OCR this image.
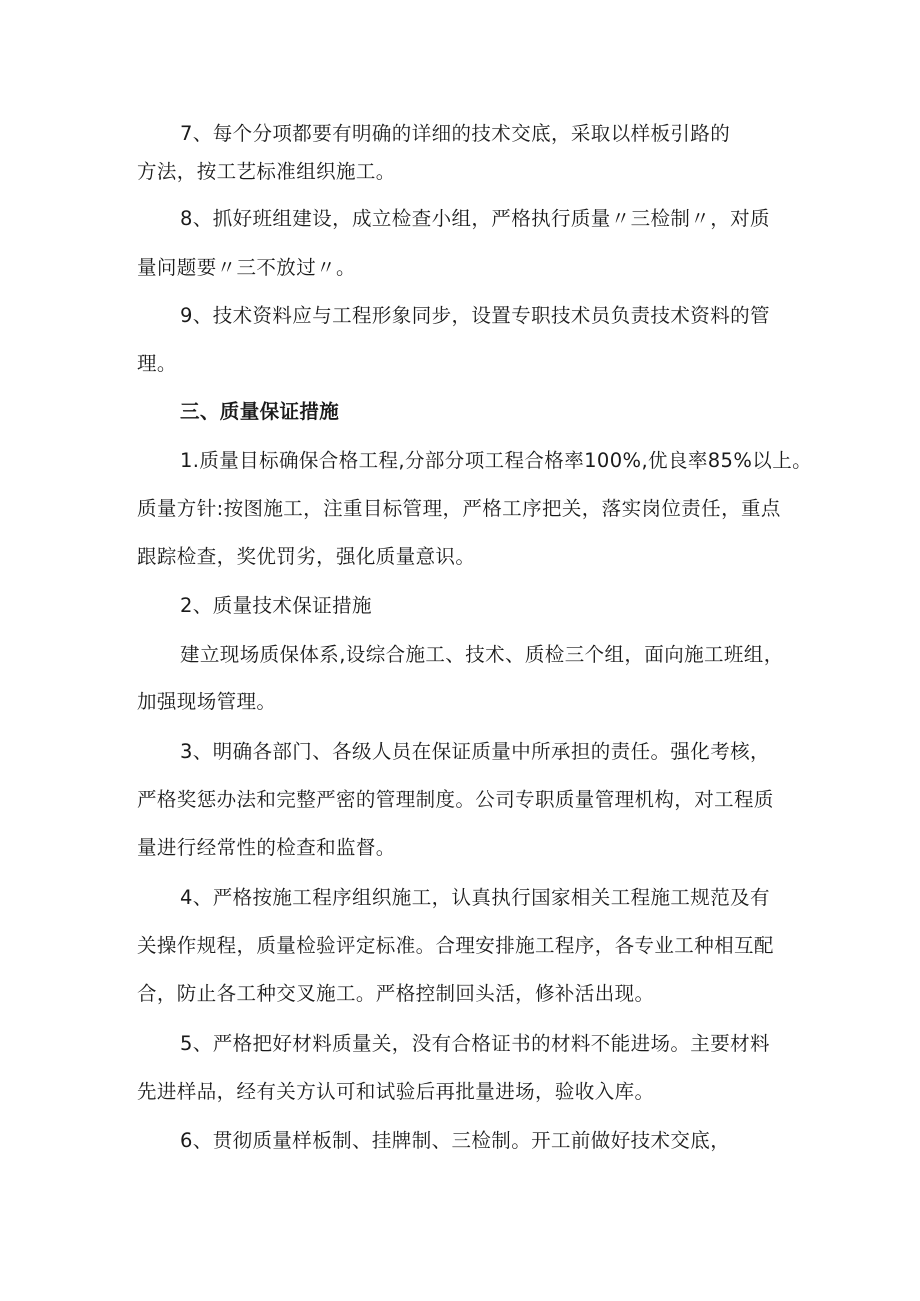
7、每个分项都要有明确的详细的技术交底，采取以样板引路的
方法，按工艺标准组织施工。
8、抓好班组建设，成立检查小组，严格执行质量〃三检制〃，对质
量问题要〃三不放过〃。
9、技术资料应与工程形象同步，设置专职技术员负责技术资料的管
理。
三、质量保证措施
1.质量目标确保合格工程,分部分项工程合格率100%,优良率85%以上。
质量方针:按图施工，注重目标管理，严格工序把关，落实岗位责任，重点
跟踪检查，奖优罚劣，强化质量意识。
2、质量技术保证措施
建立现场质保体系,设综合施工、技术、质检三个组，面向施工班组，
加强现场管理。
3、明确各部门、各级人员在保证质量中所承担的责任。强化考核，
严格奖惩办法和完整严密的管理制度。公司专职质量管理机构，对工程质
量进行经常性的检查和监督。
4、严格按施工程序组织施工，认真执行国家相关工程施工规范及有
关操作规程，质量检验评定标准。合理安排施工程序，各专业工种相互配
合，防止各工种交叉施工。严格控制回头活，修补活出现。
5、严格把好材料质量关，没有合格证书的材料不能进场。主要材料
先进样品，经有关方认可和试验后再批量进场，验收入库。
6、贯彻质量样板制、挂牌制、三检制。开工前做好技术交底，
